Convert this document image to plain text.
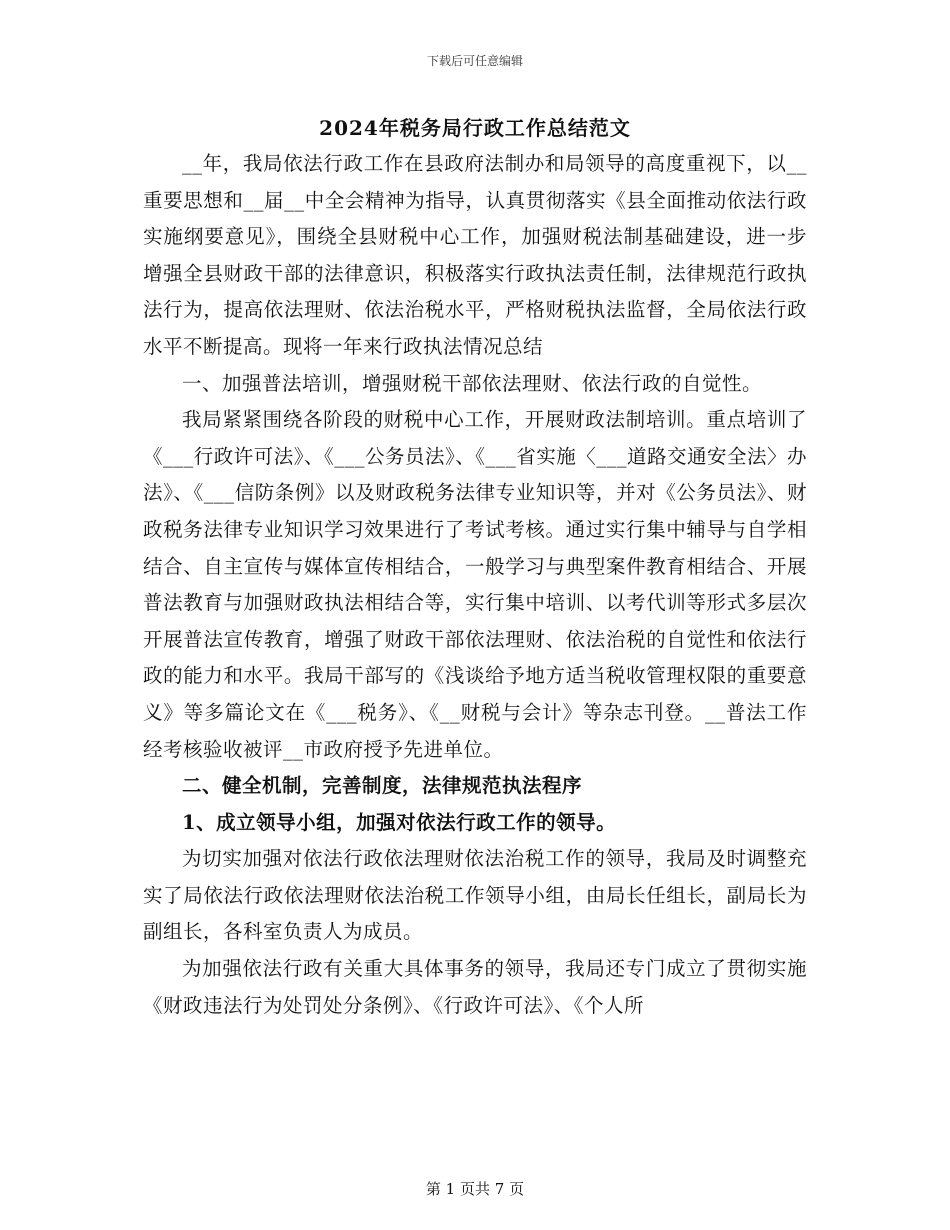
下载后可任意编辑
2024年税务局行政工作总结范文

__年，我局依法行政工作在县政府法制办和局领导的高度重视下，以__重要思想和__届__中全会精神为指导，认真贯彻落实《县全面推动依法行政实施纲要意见》，围绕全县财税中心工作，加强财税法制基础建设，进一步增强全县财政干部的法律意识，积极落实行政执法责任制，法律规范行政执法行为，提高依法理财、依法治税水平，严格财税执法监督，全局依法行政水平不断提高。现将一年来行政执法情况总结

一、加强普法培训，增强财税干部依法理财、依法行政的自觉性。

我局紧紧围绕各阶段的财税中心工作，开展财政法制培训。重点培训了《___行政许可法》、《___公务员法》、《___省实施〈___道路交通安全法〉办法》、《___信防条例》以及财政税务法律专业知识等，并对《公务员法》、财政税务法律专业知识学习效果进行了考试考核。通过实行集中辅导与自学相结合、自主宣传与媒体宣传相结合，一般学习与典型案件教育相结合、开展普法教育与加强财政执法相结合等，实行集中培训、以考代训等形式多层次开展普法宣传教育，增强了财政干部依法理财、依法治税的自觉性和依法行政的能力和水平。我局干部写的《浅谈给予地方适当税收管理权限的重要意义》等多篇论文在《___税务》、《__财税与会计》等杂志刊登。__普法工作经考核验收被评__市政府授予先进单位。

二、健全机制，完善制度，法律规范执法程序
1、成立领导小组，加强对依法行政工作的领导。

为切实加强对依法行政依法理财依法治税工作的领导，我局及时调整充实了局依法行政依法理财依法治税工作领导小组，由局长任组长，副局长为副组长，各科室负责人为成员。

为加强依法行政有关重大具体事务的领导，我局还专门成立了贯彻实施《财政违法行为处罚处分条例》、《行政许可法》、《个人所

第 1 页共 7 页
